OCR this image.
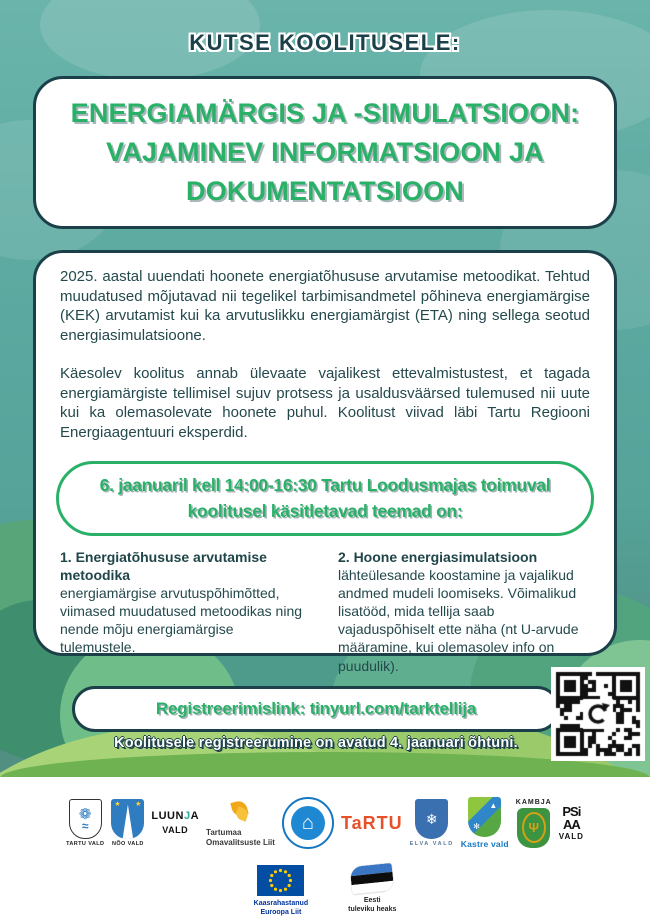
KUTSE KOOLITUSELE:
ENERGIAMÄRGIS JA -SIMULATSIOON: VAJAMINEV INFORMATSIOON JA DOKUMENTATSIOON

2025. aastal uuendati hoonete energiatõhususe arvutamise metoodikat. Tehtud muudatused mõjutavad nii tegelikel tarbimisandmetel põhineva energiamärgise (KEK) arvutamist kui ka arvutuslikku energiamärgist (ETA) ning sellega seotud energiasimulatsioone.

Käesolev koolitus annab ülevaate vajalikest ettevalmistustest, et tagada energiamärgiste tellimisel sujuv protsess ja usaldusväärsed tulemused nii uute kui ka olemasolevate hoonete puhul. Koolitust viivad läbi Tartu Regiooni Energiaagentuuri eksperdid.

6. jaanuaril kell 14:00-16:30 Tartu Loodusmajas toimuval koolitusel käsitletavad teemad on:
1. Energiatõhususe arvutamise metoodika
energiamärgise arvutuspõhimõtted, viimased muudatused metoodikas ning nende mõju energiamärgise tulemustele.
2. Hoone energiasimulatsioon
lähteülesande koostamine ja vajalikud andmed mudeli loomiseks. Võimalikud lisatööd, mida tellija saab vajaduspõhiselt ette näha (nt U-arvude määramine, kui olemasolev info on puudulik).
Registreerimislink: tinyurl.com/tarktellija
Koolitusele registreerumine on avatud 4. jaanuari õhtuni.
❁
≈
TARTU VALD
★ ★
NÕO VALD
LUUNJA
VALD Tartumaa
Omavalitsuste Liit
⌂	TaRTU ❄
ELVA VALD
▲
✻
Kastre vald
KAMBJA
Ψ
PSi
AA
VALD
Kaasrahastanud
Euroopa Liit
Eesti
tuleviku heaks
